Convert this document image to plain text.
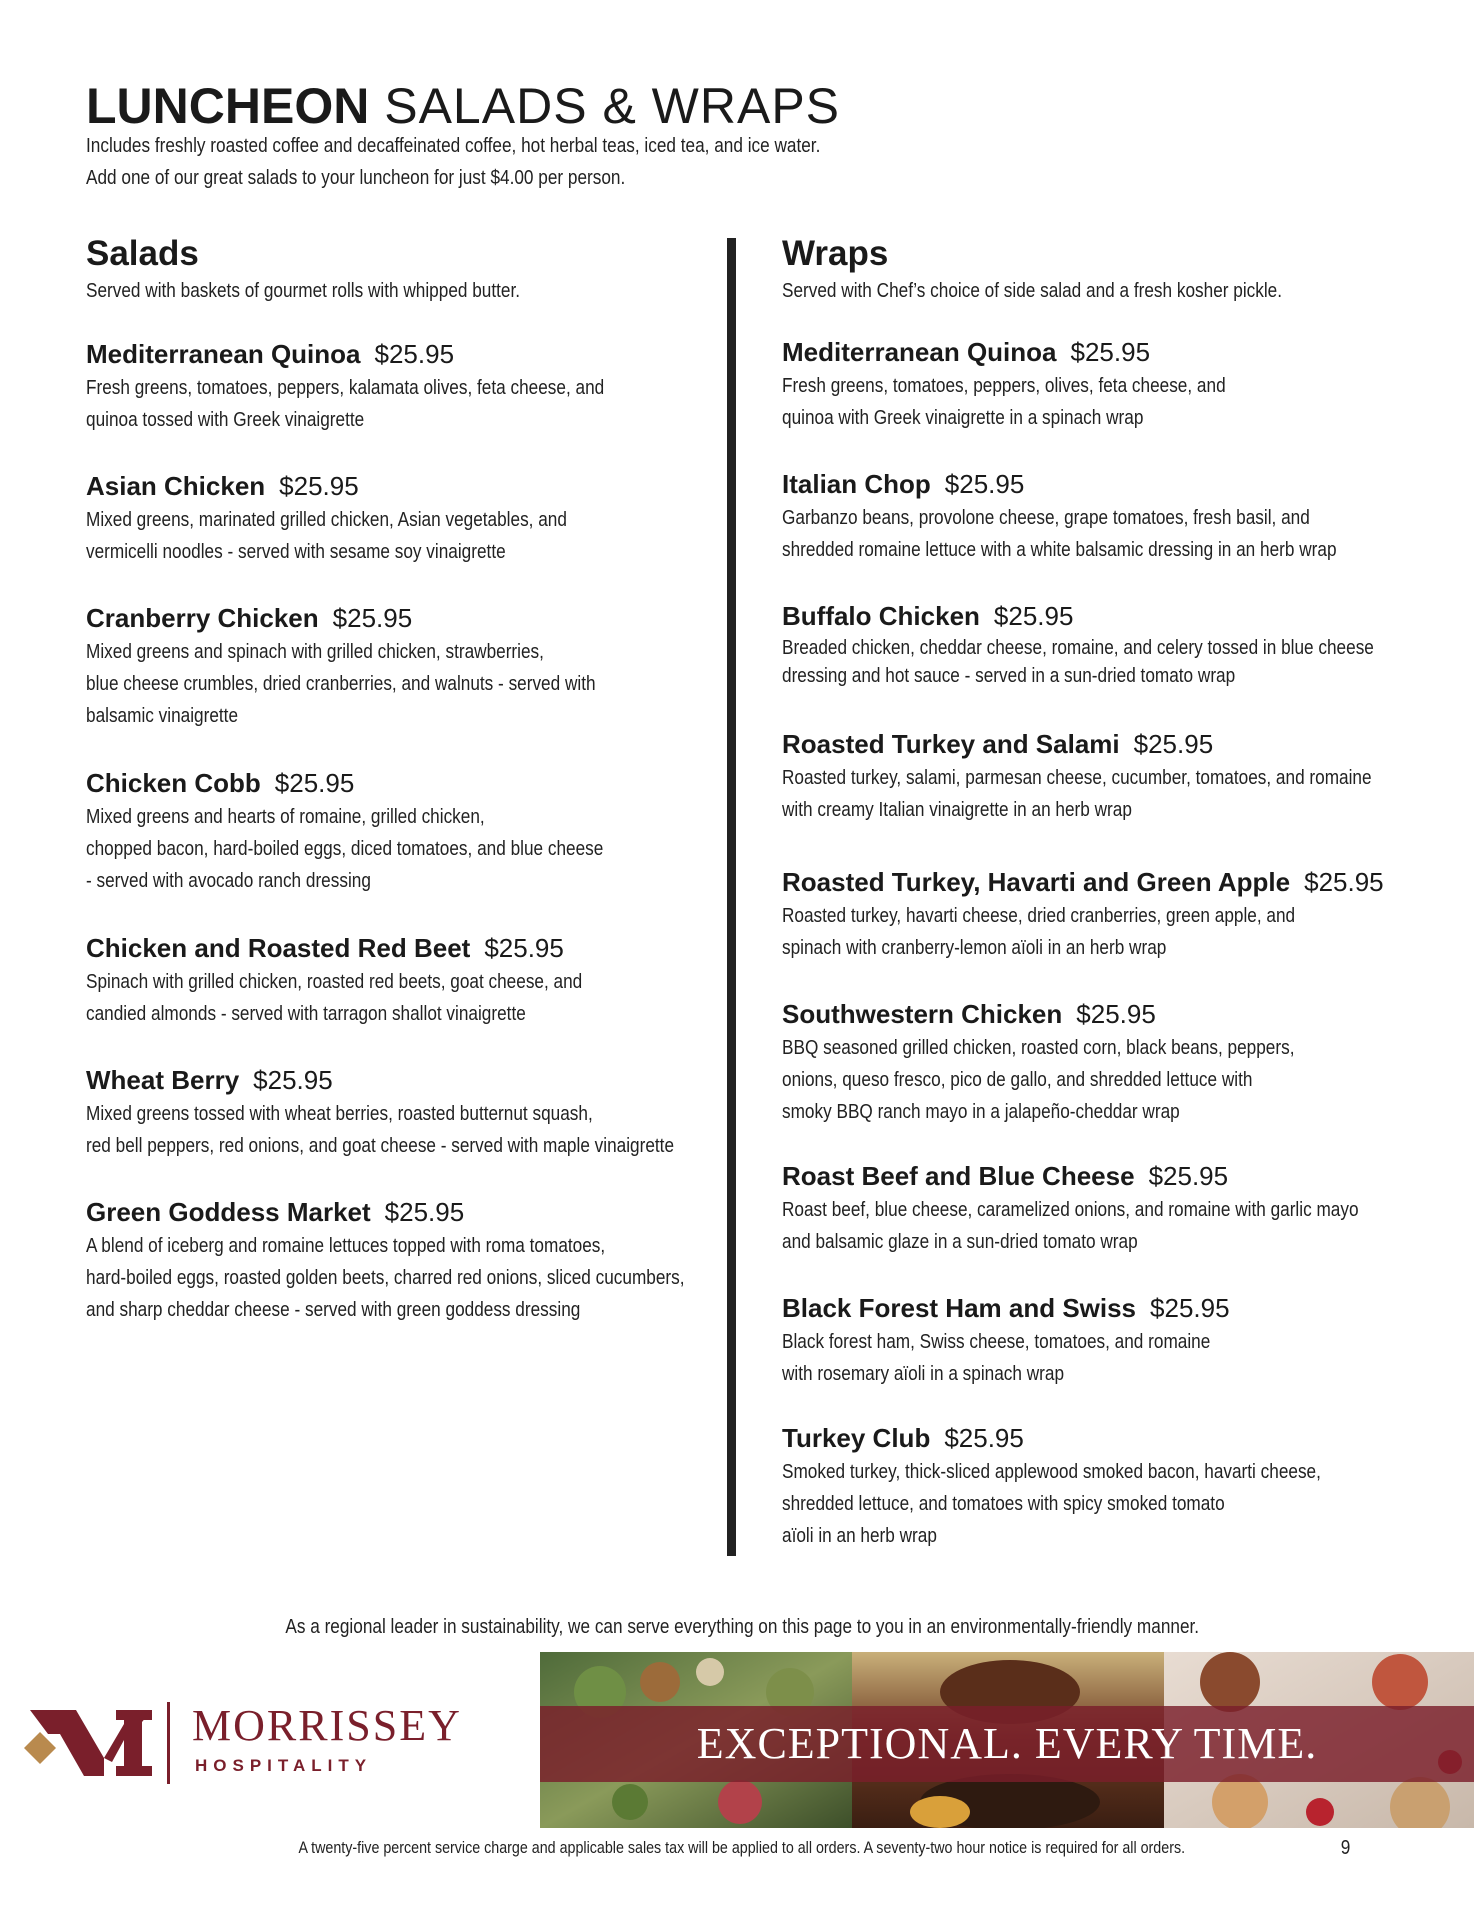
LUNCHEON SALADS & WRAPS
Includes freshly roasted coffee and decaffeinated coffee, hot herbal teas, iced tea, and ice water.
Add one of our great salads to your luncheon for just $4.00 per person.
Salads
Served with baskets of gourmet rolls with whipped butter.
Mediterranean Quinoa $25.95
Fresh greens, tomatoes, peppers, kalamata olives, feta cheese, and
quinoa tossed with Greek vinaigrette
Asian Chicken $25.95
Mixed greens, marinated grilled chicken, Asian vegetables, and
vermicelli noodles - served with sesame soy vinaigrette
Cranberry Chicken $25.95
Mixed greens and spinach with grilled chicken, strawberries,
blue cheese crumbles, dried cranberries, and walnuts - served with
balsamic vinaigrette
Chicken Cobb $25.95
Mixed greens and hearts of romaine, grilled chicken,
chopped bacon, hard-boiled eggs, diced tomatoes, and blue cheese
- served with avocado ranch dressing
Chicken and Roasted Red Beet $25.95
Spinach with grilled chicken, roasted red beets, goat cheese, and
candied almonds - served with tarragon shallot vinaigrette
Wheat Berry $25.95
Mixed greens tossed with wheat berries, roasted butternut squash,
red bell peppers, red onions, and goat cheese - served with maple vinaigrette
Green Goddess Market $25.95
A blend of iceberg and romaine lettuces topped with roma tomatoes,
hard-boiled eggs, roasted golden beets, charred red onions, sliced cucumbers,
and sharp cheddar cheese - served with green goddess dressing
Wraps
Served with Chef’s choice of side salad and a fresh kosher pickle.
Mediterranean Quinoa $25.95
Fresh greens, tomatoes, peppers, olives, feta cheese, and
quinoa with Greek vinaigrette in a spinach wrap
Italian Chop $25.95
Garbanzo beans, provolone cheese, grape tomatoes, fresh basil, and
shredded romaine lettuce with a white balsamic dressing in an herb wrap
Buffalo Chicken $25.95
Breaded chicken, cheddar cheese, romaine, and celery tossed in blue cheese
dressing and hot sauce - served in a sun-dried tomato wrap
Roasted Turkey and Salami $25.95
Roasted turkey, salami, parmesan cheese, cucumber, tomatoes, and romaine
with creamy Italian vinaigrette in an herb wrap
Roasted Turkey, Havarti and Green Apple $25.95
Roasted turkey, havarti cheese, dried cranberries, green apple, and
spinach with cranberry-lemon aïoli in an herb wrap
Southwestern Chicken $25.95
BBQ seasoned grilled chicken, roasted corn, black beans, peppers,
onions, queso fresco, pico de gallo, and shredded lettuce with
smoky BBQ ranch mayo in a jalapeño-cheddar wrap
Roast Beef and Blue Cheese $25.95
Roast beef, blue cheese, caramelized onions, and romaine with garlic mayo
and balsamic glaze in a sun-dried tomato wrap
Black Forest Ham and Swiss $25.95
Black forest ham, Swiss cheese, tomatoes, and romaine
with rosemary aïoli in a spinach wrap
Turkey Club $25.95
Smoked turkey, thick-sliced applewood smoked bacon, havarti cheese,
shredded lettuce, and tomatoes with spicy smoked tomato
aïoli in an herb wrap
As a regional leader in sustainability, we can serve everything on this page to you in an environmentally-friendly manner.
MORRISSEY
HOSPITALITY	EXCEPTIONAL. EVERY TIME.
A twenty-five percent service charge and applicable sales tax will be applied to all orders. A seventy-two hour notice is required for all orders.	9
